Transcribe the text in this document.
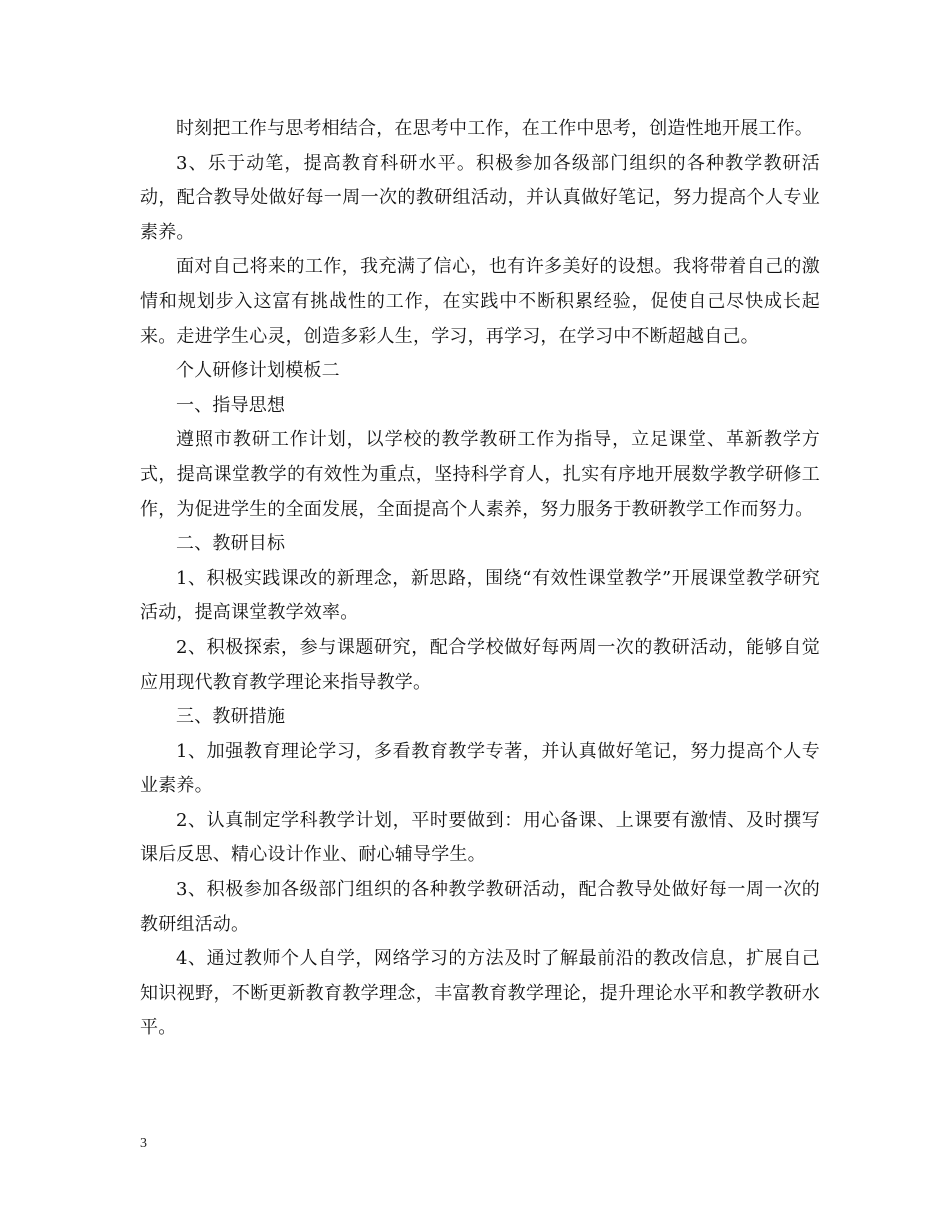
时刻把工作与思考相结合，在思考中工作，在工作中思考，创造性地开展工作。

3、乐于动笔，提高教育科研水平。积极参加各级部门组织的各种教学教研活动，配合教导处做好每一周一次的教研组活动，并认真做好笔记，努力提高个人专业素养。

面对自己将来的工作，我充满了信心，也有许多美好的设想。我将带着自己的激情和规划步入这富有挑战性的工作，在实践中不断积累经验，促使自己尽快成长起来。走进学生心灵，创造多彩人生，学习，再学习，在学习中不断超越自己。

个人研修计划模板二

一、指导思想

遵照市教研工作计划，以学校的教学教研工作为指导，立足课堂、革新教学方式，提高课堂教学的有效性为重点，坚持科学育人，扎实有序地开展数学教学研修工作，为促进学生的全面发展，全面提高个人素养，努力服务于教研教学工作而努力。

二、教研目标

1、积极实践课改的新理念，新思路，围绕“有效性课堂教学”开展课堂教学研究活动，提高课堂教学效率。

2、积极探索，参与课题研究，配合学校做好每两周一次的教研活动，能够自觉应用现代教育教学理论来指导教学。

三、教研措施

1、加强教育理论学习，多看教育教学专著，并认真做好笔记，努力提高个人专业素养。

2、认真制定学科教学计划，平时要做到：用心备课、上课要有激情、及时撰写课后反思、精心设计作业、耐心辅导学生。

3、积极参加各级部门组织的各种教学教研活动，配合教导处做好每一周一次的教研组活动。

4、通过教师个人自学，网络学习的方法及时了解最前沿的教改信息，扩展自己知识视野，不断更新教育教学理念，丰富教育教学理论，提升理论水平和教学教研水平。

3
